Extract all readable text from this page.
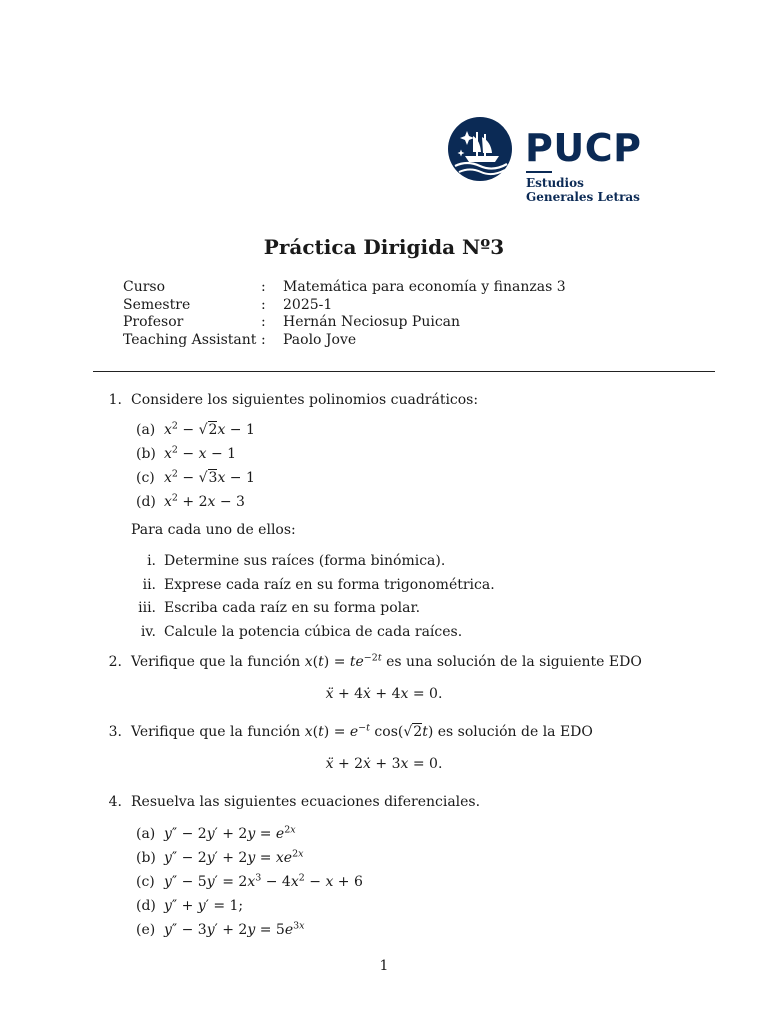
PUCP
Estudios
Generales Letras
Práctica Dirigida Nº3
Curso	:	Matemática para economía y finanzas 3
Semestre	:	2025-1
Profesor	:	Hernán Neciosup Puican
Teaching Assistant :	Paolo Jove
1. Considere los siguientes polinomios cuadráticos:
(a) $x^2 - √2x - 1$
(b) $x^2 - x - 1$
(c) $x^2 - √3x - 1$
(d) $x^2 + 2x - 3$
Para cada uno de ellos:
i. Determine sus raíces (forma binómica).
ii. Exprese cada raíz en su forma trigonométrica.
iii. Escriba cada raíz en su forma polar.
iv. Calcule la potencia cúbica de cada raíces.
2. Verifique que la función $x(t) = te^{-2t}$ es una solución de la siguiente EDO
ẍ + 4ẋ + 4x = 0.
3. Verifique que la función $x(t) = e^{-t}$ cos(√2t) es solución de la EDO
ẍ + 2ẋ + 3x = 0.
4. Resuelva las siguientes ecuaciones diferenciales.
(a) $y'' - 2y' + 2y = e^{2x}$
(b) $y'' - 2y' + 2y = xe^{2x}$
(c) $y'' - 5y' = 2x^3 - 4x^2 - x + 6$
(d) y″ + y′ = 1;
(e) $y'' - 3y' + 2y = 5e^{3x}$
1
